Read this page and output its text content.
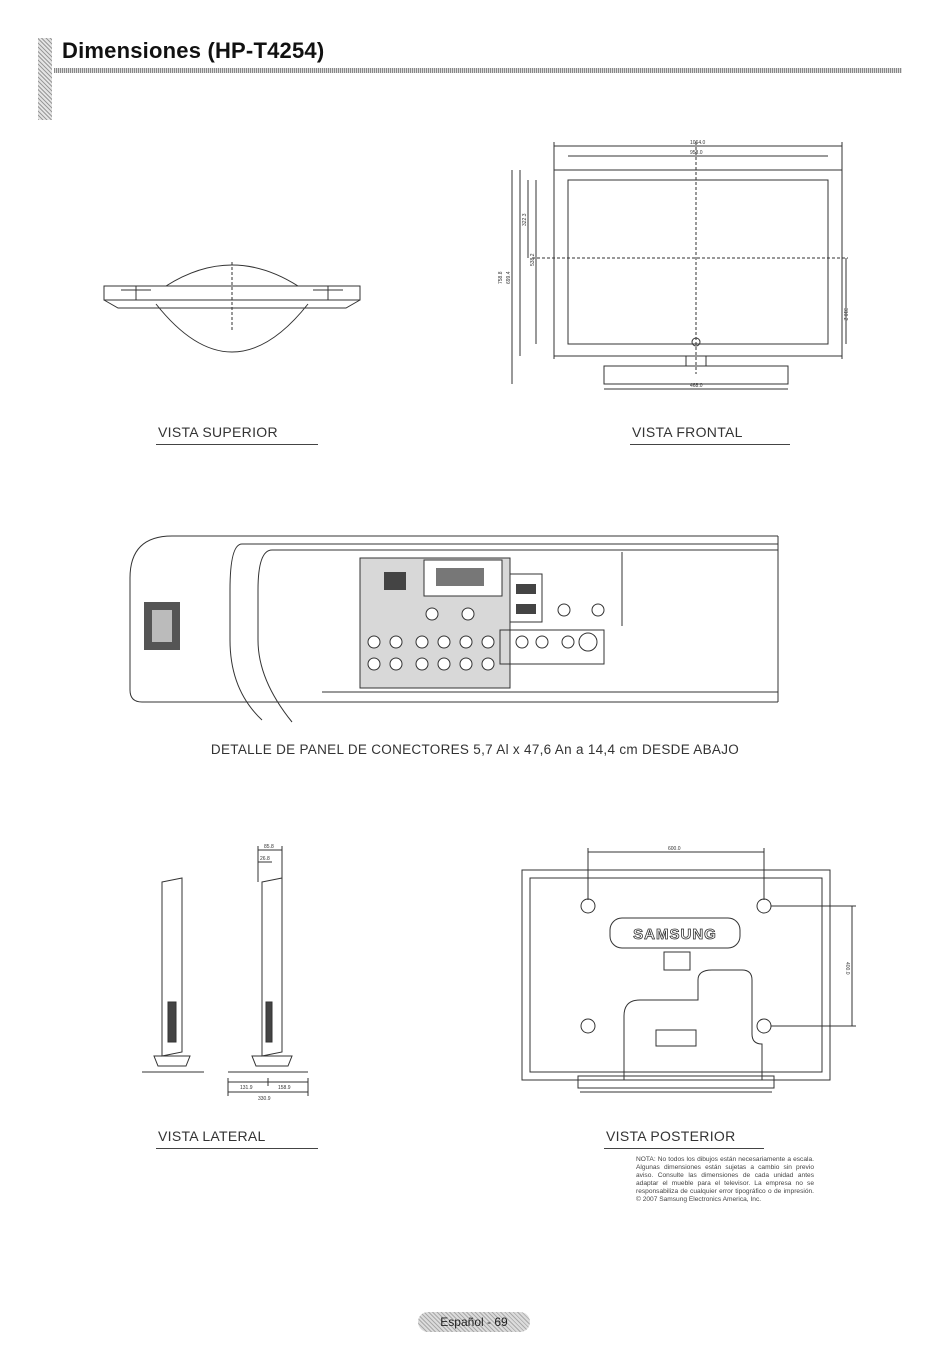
Dimensiones (HP-T4254)
VISTA SUPERIOR
1064.0
958.0
468.0
758.8 699.4
322.3
538.2
310.2
VISTA FRONTAL
DETALLE DE PANEL DE CONECTORES 5,7 Al x 47,6 An a 14,4 cm DESDE ABAJO
85.8
26.8
131.9	158.9
330.9
VISTA LATERAL
600.0
400.0
SAMSUNG
VISTA POSTERIOR
NOTA: No todos los dibujos están necesariamente a escala. Algunas dimensiones están sujetas a cambio sin previo aviso. Consulte las dimensiones de cada unidad antes adaptar el mueble para el televisor. La empresa no se responsabiliza de cualquier error tipográfico o de impresión. © 2007 Samsung Electronics America, Inc.
Español - 69
